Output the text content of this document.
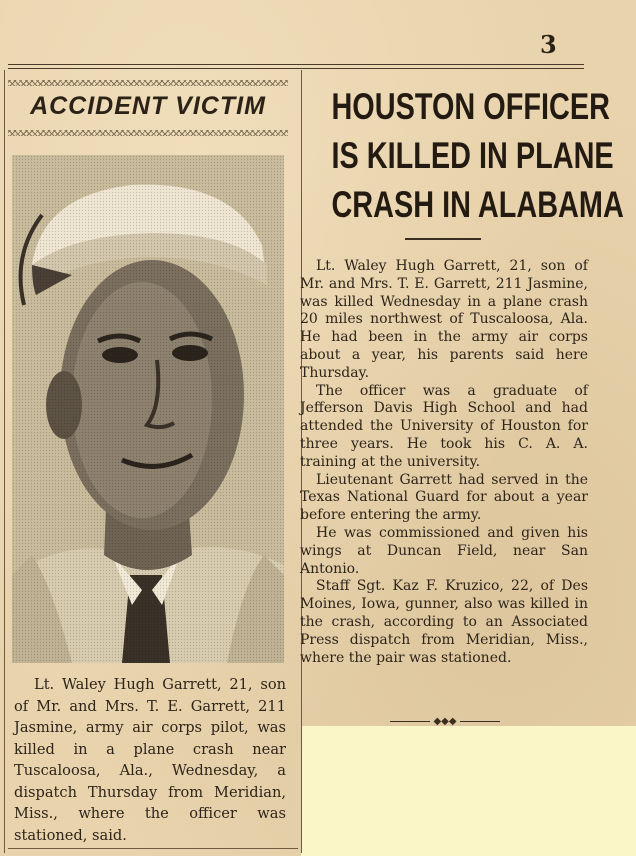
3
ACCIDENT VICTIM

Lt. Waley Hugh Garrett, 21, son of Mr. and Mrs. T. E. Garrett, 211 Jasmine, army air corps pilot, was killed in a plane crash near Tuscaloosa, Ala., Wednesday, a dispatch Thursday from Meridian, Miss., where the officer was stationed, said.

HOUSTON OFFICER
IS KILLED IN PLANE
CRASH IN ALABAMA

Lt. Waley Hugh Garrett, 21, son of Mr. and Mrs. T. E. Garrett, 211 Jasmine, was killed Wednesday in a plane crash 20 miles northwest of Tuscaloosa, Ala. He had been in the army air corps about a year, his parents said here Thursday.

The officer was a graduate of Jefferson Davis High School and had attended the University of Houston for three years. He took his C. A. A. training at the university.

Lieutenant Garrett had served in the Texas National Guard for about a year before entering the army.

He was commissioned and given his wings at Duncan Field, near San Antonio.

Staff Sgt. Kaz F. Kruzico, 22, of Des Moines, Iowa, gunner, also was killed in the crash, according to an Associated Press dispatch from Meridian, Miss., where the pair was stationed.

◆◆◆
